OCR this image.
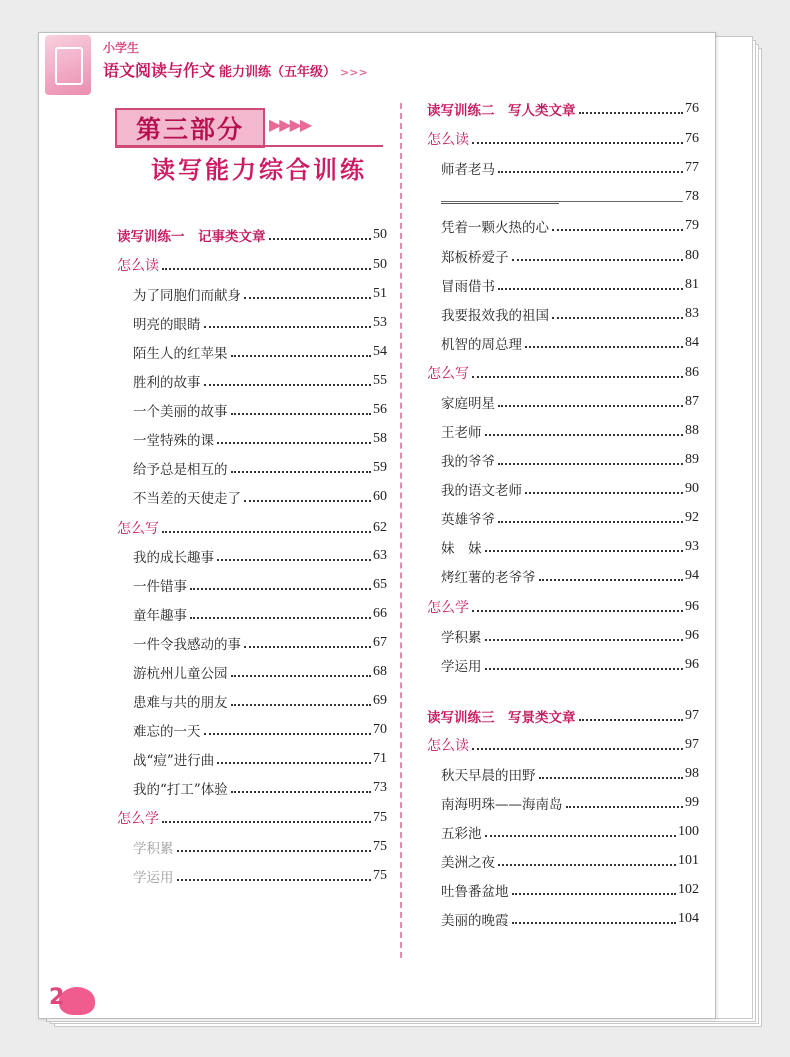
小学生
语文阅读与作文 能力训练（五年级） >>>
第三部分	▶▶▶▶
读写能力综合训练
读写训练一　记事类文章	50
怎么读	50
为了同胞们而献身	51
明亮的眼睛	53
陌生人的红苹果	54
胜利的故事	55
一个美丽的故事	56
一堂特殊的课	58
给予总是相互的	59
不当差的天使走了	60
怎么写	62
我的成长趣事	63
一件错事	65
童年趣事	66
一件令我感动的事	67
游杭州儿童公园	68
患难与共的朋友	69
难忘的一天	70
战“痘”进行曲	71
我的“打工”体验	73
怎么学	75
学积累	75
学运用	75
读写训练二　写人类文章	76
怎么读	76
师者老马	77
78
凭着一颗火热的心	79
郑板桥爱子	80
冒雨借书	81
我要报效我的祖国	83
机智的周总理	84
怎么写	86
家庭明星	87
王老师	88
我的爷爷	89
我的语文老师	90
英雄爷爷	92
妹　妹	93
烤红薯的老爷爷	94
怎么学	96
学积累	96
学运用	96
读写训练三　写景类文章	97
怎么读	97
秋天早晨的田野	98
南海明珠——海南岛	99
五彩池	100
美洲之夜	101
吐鲁番盆地	102
美丽的晚霞	104
2
